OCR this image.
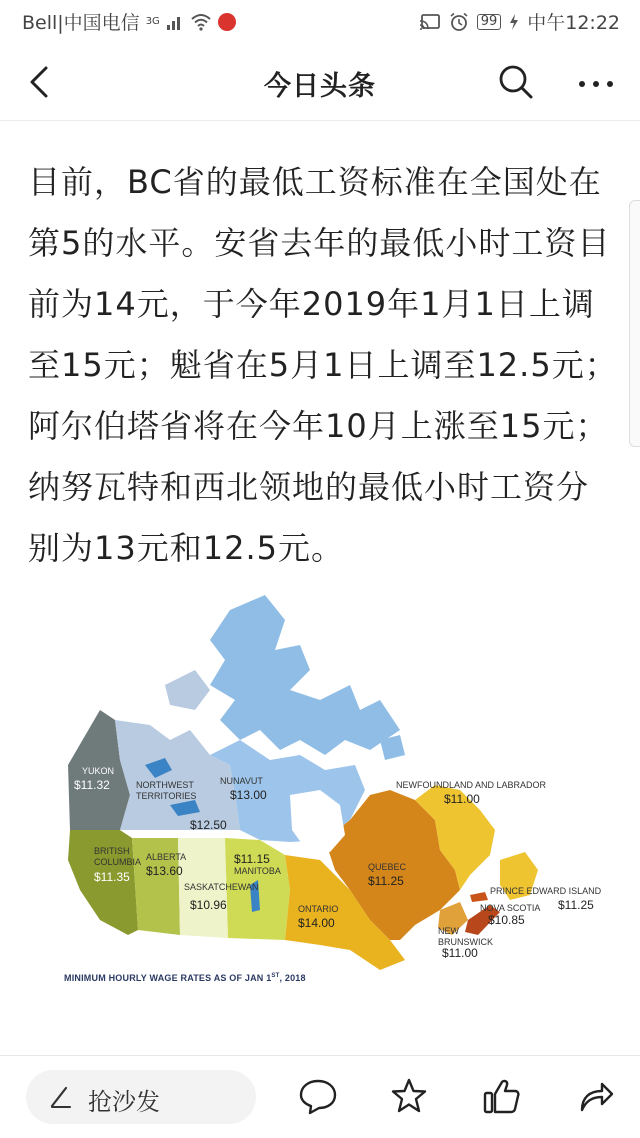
Bell|中国电信 3G	99 中午12:22
今日头条
目前，BC省的最低工资标准在全国处在第5的水平。安省去年的最低小时工资目前为14元，于今年2019年1月1日上调至15元；魁省在5月1日上调至12.5元；阿尔伯塔省将在今年10月上涨至15元；纳努瓦特和西北领地的最低小时工资分别为13元和12.5元。
YUKON
$11.32	NORTHWEST TERRITORIES
$12.50
NUNAVUT
$13.00
BRITISH COLUMBIA
$11.35
ALBERTA
$13.60
SASKATCHEWAN
$10.96
$11.15
MANITOBA
ONTARIO
$14.00
QUEBEC
$11.25
NEWFOUNDLAND AND LABRADOR
$11.00
PRINCE EDWARD ISLAND
$11.25
NOVA SCOTIA
$10.85
NEW BRUNSWICK
$11.00
MINIMUM HOURLY WAGE RATES AS OF JAN 1ST, 2018
抢沙发
